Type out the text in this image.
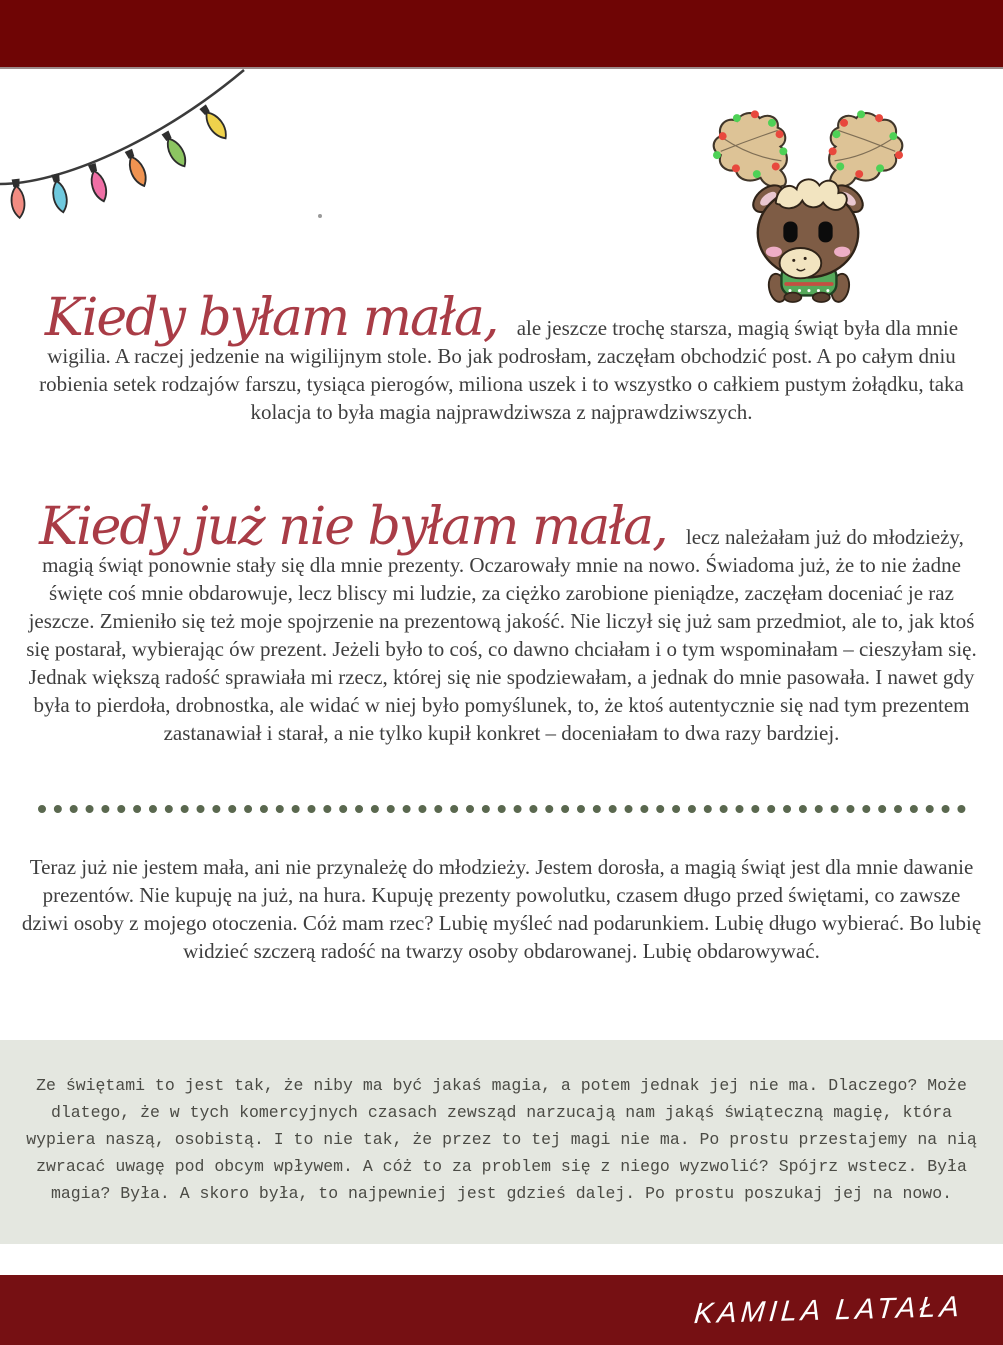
Kiedy byłam mała, ale jeszcze trochę starsza, magią świąt była dla mnie wigilia. A raczej jedzenie na wigilijnym stole. Bo jak podrosłam, zaczęłam obchodzić post. A po całym dniu robienia setek rodzajów farszu, tysiąca pierogów, miliona uszek i to wszystko o całkiem pustym żołądku, taka kolacja to była magia najprawdziwsza z najprawdziwszych.

Kiedy już nie byłam mała, lecz należałam już do młodzieży, magią świąt ponownie stały się dla mnie prezenty. Oczarowały mnie na nowo. Świadoma już, że to nie żadne święte coś mnie obdarowuje, lecz bliscy mi ludzie, za ciężko zarobione pieniądze, zaczęłam doceniać je raz jeszcze. Zmieniło się też moje spojrzenie na prezentową jakość. Nie liczył się już sam przedmiot, ale to, jak ktoś się postarał, wybierając ów prezent. Jeżeli było to coś, co dawno chciałam i o tym wspominałam – cieszyłam się. Jednak większą radość sprawiała mi rzecz, której się nie spodziewałam, a jednak do mnie pasowała. I nawet gdy była to pierdoła, drobnostka, ale widać w niej było pomyślunek, to, że ktoś autentycznie się nad tym prezentem zastanawiał i starał, a nie tylko kupił konkret – doceniałam to dwa razy bardziej.

Teraz już nie jestem mała, ani nie przynależę do młodzieży. Jestem dorosła, a magią świąt jest dla mnie dawanie prezentów. Nie kupuję na już, na hura. Kupuję prezenty powolutku, czasem długo przed świętami, co zawsze dziwi osoby z mojego otoczenia. Cóż mam rzec? Lubię myśleć nad podarunkiem. Lubię długo wybierać. Bo lubię widzieć szczerą radość na twarzy osoby obdarowanej. Lubię obdarowywać.

Ze świętami to jest tak, że niby ma być jakaś magia, a potem jednak jej nie ma. Dlaczego? Może dlatego, że w tych komercyjnych czasach zewsząd narzucają nam jakąś świąteczną magię, która wypiera naszą, osobistą. I to nie tak, że przez to tej magi nie ma. Po prostu przestajemy na nią zwracać uwagę pod obcym wpływem. A cóż to za problem się z niego wyzwolić? Spójrz wstecz. Była magia? Była. A skoro była, to najpewniej jest gdzieś dalej. Po prostu poszukaj jej na nowo.

KAMILA LATAŁA
